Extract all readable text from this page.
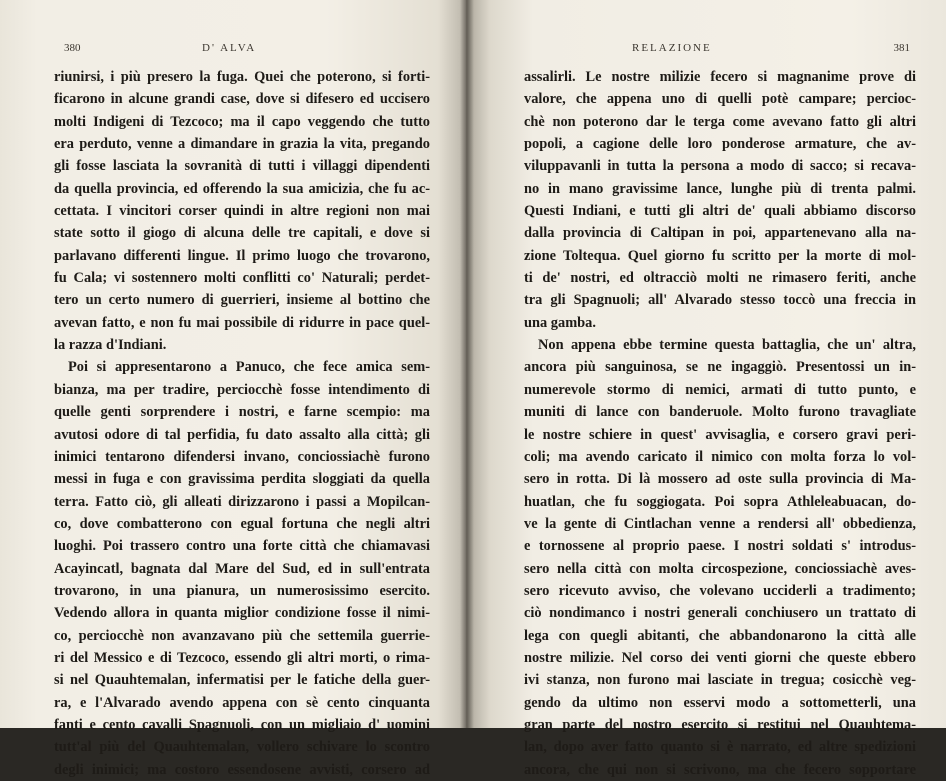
380	D' ALVA
riunirsi, i più presero la fuga. Quei che poterono, si forti-
ficarono in alcune grandi case, dove si difesero ed uccisero
molti Indigeni di Tezcoco; ma il capo veggendo che tutto
era perduto, venne a dimandare in grazia la vita, pregando
gli fosse lasciata la sovranità di tutti i villaggi dipendenti
da quella provincia, ed offerendo la sua amicizia, che fu ac-
cettata. I vincitori corser quindi in altre regioni non mai
state sotto il giogo di alcuna delle tre capitali, e dove si
parlavano differenti lingue. Il primo luogo che trovarono,
fu Cala; vi sostennero molti conflitti co' Naturali; perdet-
tero un certo numero di guerrieri, insieme al bottino che
avevan fatto, e non fu mai possibile di ridurre in pace quel-
la razza d'Indiani.
Poi si appresentarono a Panuco, che fece amica sem-
bianza, ma per tradire, perciocchè fosse intendimento di
quelle genti sorprendere i nostri, e farne scempio: ma
avutosi odore di tal perfidia, fu dato assalto alla città; gli
inimici tentarono difendersi invano, conciossiachè furono
messi in fuga e con gravissima perdita sloggiati da quella
terra. Fatto ciò, gli alleati dirizzarono i passi a Mopilcan-
co, dove combatterono con egual fortuna che negli altri
luoghi. Poi trassero contro una forte città che chiamavasi
Acayincatl, bagnata dal Mare del Sud, ed in sull'entrata
trovarono, in una pianura, un numerosissimo esercito.
Vedendo allora in quanta miglior condizione fosse il nimi-
co, perciocchè non avanzavano più che settemila guerrie-
ri del Messico e di Tezcoco, essendo gli altri morti, o rima-
si nel Quauhtemalan, infermatisi per le fatiche della guer-
ra, e l'Alvarado avendo appena con sè cento cinquanta
fanti e cento cavalli Spagnuoli, con un migliaio d' uomini
tutt'al più del Quauhtemalan, vollero schivare lo scontro
degli inimici; ma costoro essendosene avvisti, corsero ad
RELAZIONE	381
assalirli. Le nostre milizie fecero si magnanime prove di
valore, che appena uno di quelli potè campare; percioc-
chè non poterono dar le terga come avevano fatto gli altri
popoli, a cagione delle loro ponderose armature, che av-
viluppavanli in tutta la persona a modo di sacco; si recava-
no in mano gravissime lance, lunghe più di trenta palmi.
Questi Indiani, e tutti gli altri de' quali abbiamo discorso
dalla provincia di Caltipan in poi, appartenevano alla na-
zione Toltequa. Quel giorno fu scritto per la morte di mol-
ti de' nostri, ed oltracciò molti ne rimasero feriti, anche
tra gli Spagnuoli; all' Alvarado stesso toccò una freccia in
una gamba.
Non appena ebbe termine questa battaglia, che un' altra,
ancora più sanguinosa, se ne ingaggiò. Presentossi un in-
numerevole stormo di nemici, armati di tutto punto, e
muniti di lance con banderuole. Molto furono travagliate
le nostre schiere in quest' avvisaglia, e corsero gravi peri-
coli; ma avendo caricato il nimico con molta forza lo vol-
sero in rotta. Di là mossero ad oste sulla provincia di Ma-
huatlan, che fu soggiogata. Poi sopra Athleleabuacan, do-
ve la gente di Cintlachan venne a rendersi all' obbedienza,
e tornossene al proprio paese. I nostri soldati s' introdus-
sero nella città con molta circospezione, conciossiachè aves-
sero ricevuto avviso, che volevano ucciderli a tradimento;
ciò nondimanco i nostri generali conchiusero un trattato di
lega con quegli abitanti, che abbandonarono la città alle
nostre milizie. Nel corso dei venti giorni che queste ebbero
ivi stanza, non furono mai lasciate in tregua; cosicchè veg-
gendo da ultimo non esservi modo a sottometterli, una
gran parte del nostro esercito si restitui nel Quauhtema-
lan, dopo aver fatto quanto si è narrato, ed altre spedizioni
ancora, che qui non si scrivono, ma che fecero sopportare
